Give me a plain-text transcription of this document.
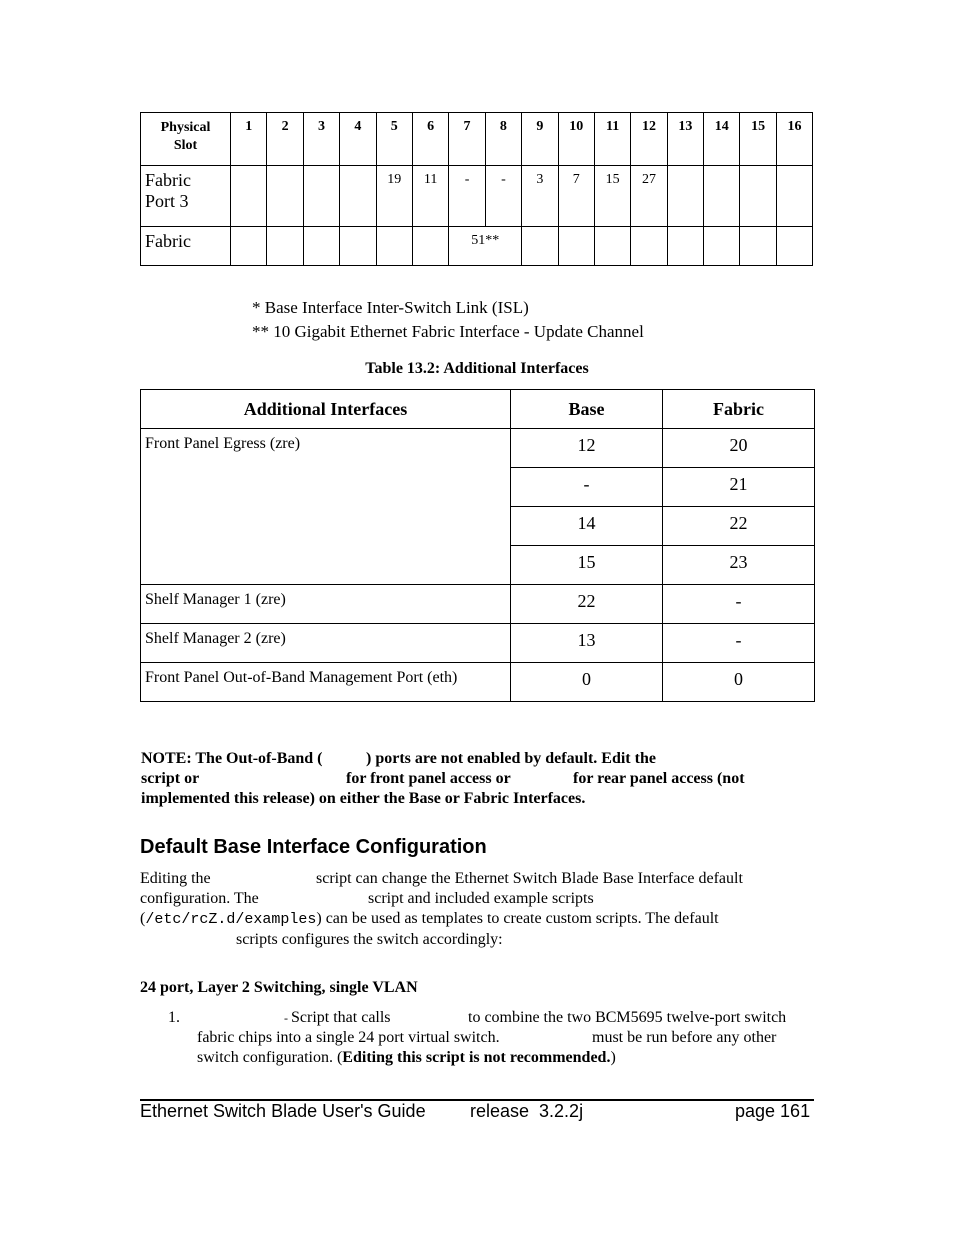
Physical
Slot	1	2	3	4	5	6	7	8	9	10	11	12	13	14	15	16
Fabric
Port 3					19	11	-	-	3	7	15	27				
Fabric							51**									
* Base Interface Inter-Switch Link (ISL)
** 10 Gigabit Ethernet Fabric Interface - Update Channel
Table 13.2: Additional Interfaces
Additional Interfaces	Base	Fabric
Front Panel Egress (zre)	12	20
	-	21
	14	22
	15	23
Shelf Manager 1 (zre)	22	-
Shelf Manager 2 (zre)	13	-
Front Panel Out-of-Band Management Port (eth)	0	0
NOTE: The Out-of-Band (	) ports are not enabled by default. Edit the
script or	for front panel access or	for rear panel access (not
implemented this release) on either the Base or Fabric Interfaces.
Default Base Interface Configuration
Editing the	script can change the Ethernet Switch Blade Base Interface default
configuration. The	script and included example scripts
(/etc/rcZ.d/examples) can be used as templates to create custom scripts. The default
scripts configures the switch accordingly:
24 port, Layer 2 Switching, single VLAN
1.	- Script that calls	to combine the two BCM5695 twelve-port switch
fabric chips into a single 24 port virtual switch.	must be run before any other
switch configuration. (Editing this script is not recommended.)
Ethernet Switch Blade User's Guide release  3.2.2j	page 161
